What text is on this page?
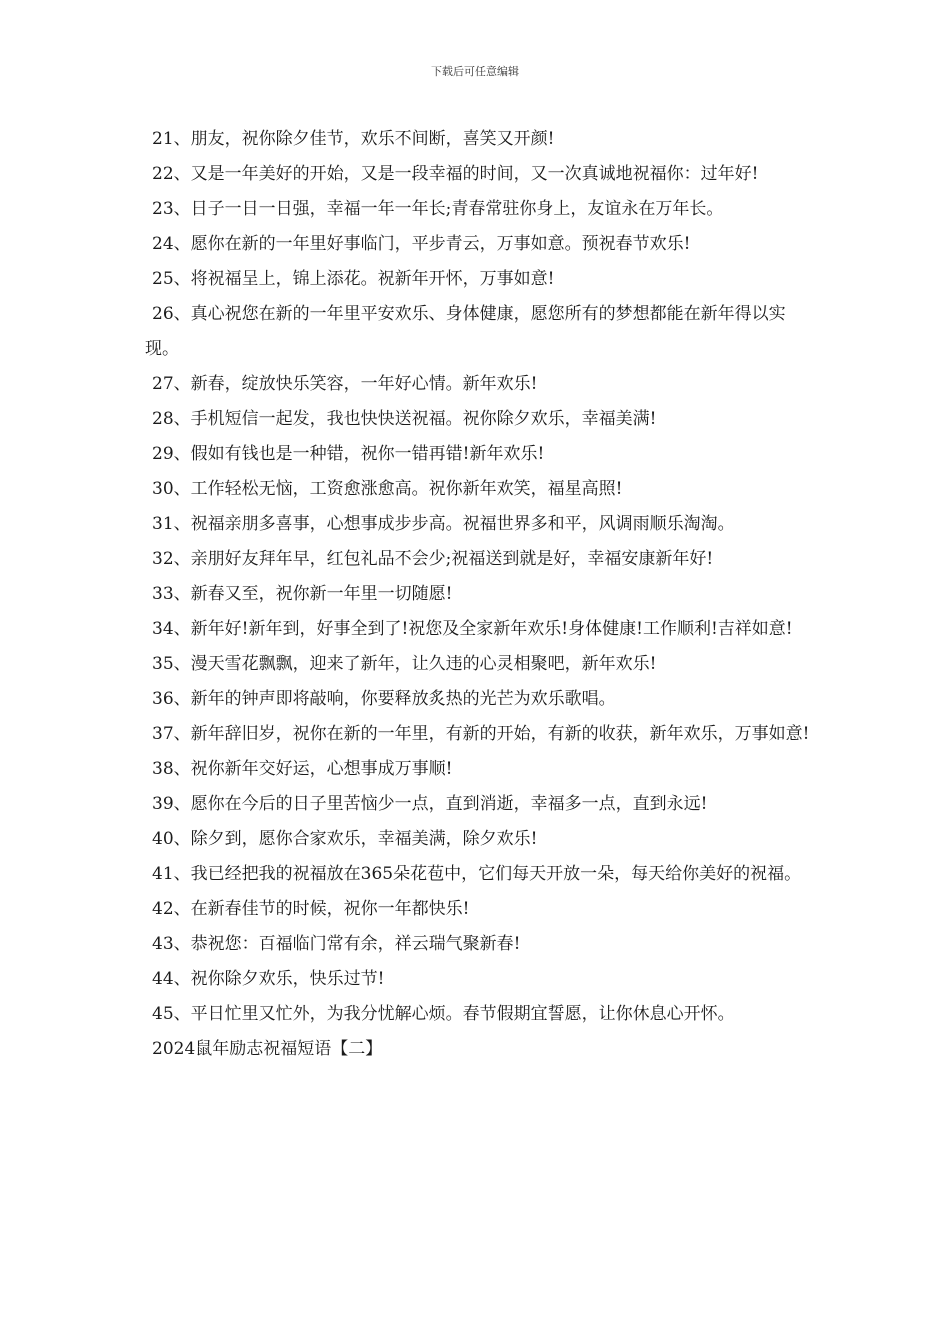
下载后可任意编辑

21、朋友，祝你除夕佳节，欢乐不间断，喜笑又开颜!

22、又是一年美好的开始，又是一段幸福的时间，又一次真诚地祝福你：过年好!

23、日子一日一日强，幸福一年一年长;青春常驻你身上，友谊永在万年长。

24、愿你在新的一年里好事临门，平步青云，万事如意。预祝春节欢乐!

25、将祝福呈上，锦上添花。祝新年开怀，万事如意!

26、真心祝您在新的一年里平安欢乐、身体健康，愿您所有的梦想都能在新年得以实现。

27、新春，绽放快乐笑容，一年好心情。新年欢乐!

28、手机短信一起发，我也快快送祝福。祝你除夕欢乐，幸福美满!

29、假如有钱也是一种错，祝你一错再错!新年欢乐!

30、工作轻松无恼，工资愈涨愈高。祝你新年欢笑，福星高照!

31、祝福亲朋多喜事，心想事成步步高。祝福世界多和平，风调雨顺乐淘淘。

32、亲朋好友拜年早，红包礼品不会少;祝福送到就是好，幸福安康新年好!

33、新春又至，祝你新一年里一切随愿!

34、新年好!新年到，好事全到了!祝您及全家新年欢乐!身体健康!工作顺利!吉祥如意!

35、漫天雪花飘飘，迎来了新年，让久违的心灵相聚吧，新年欢乐!

36、新年的钟声即将敲响，你要释放炙热的光芒为欢乐歌唱。

37、新年辞旧岁，祝你在新的一年里，有新的开始，有新的收获，新年欢乐，万事如意!

38、祝你新年交好运，心想事成万事顺!

39、愿你在今后的日子里苦恼少一点，直到消逝，幸福多一点，直到永远!

40、除夕到，愿你合家欢乐，幸福美满，除夕欢乐!

41、我已经把我的祝福放在365朵花苞中，它们每天开放一朵，每天给你美好的祝福。

42、在新春佳节的时候，祝你一年都快乐!

43、恭祝您：百福临门常有余，祥云瑞气聚新春!

44、祝你除夕欢乐，快乐过节!

45、平日忙里又忙外，为我分忧解心烦。春节假期宜誓愿，让你休息心开怀。

2024鼠年励志祝福短语【二】
